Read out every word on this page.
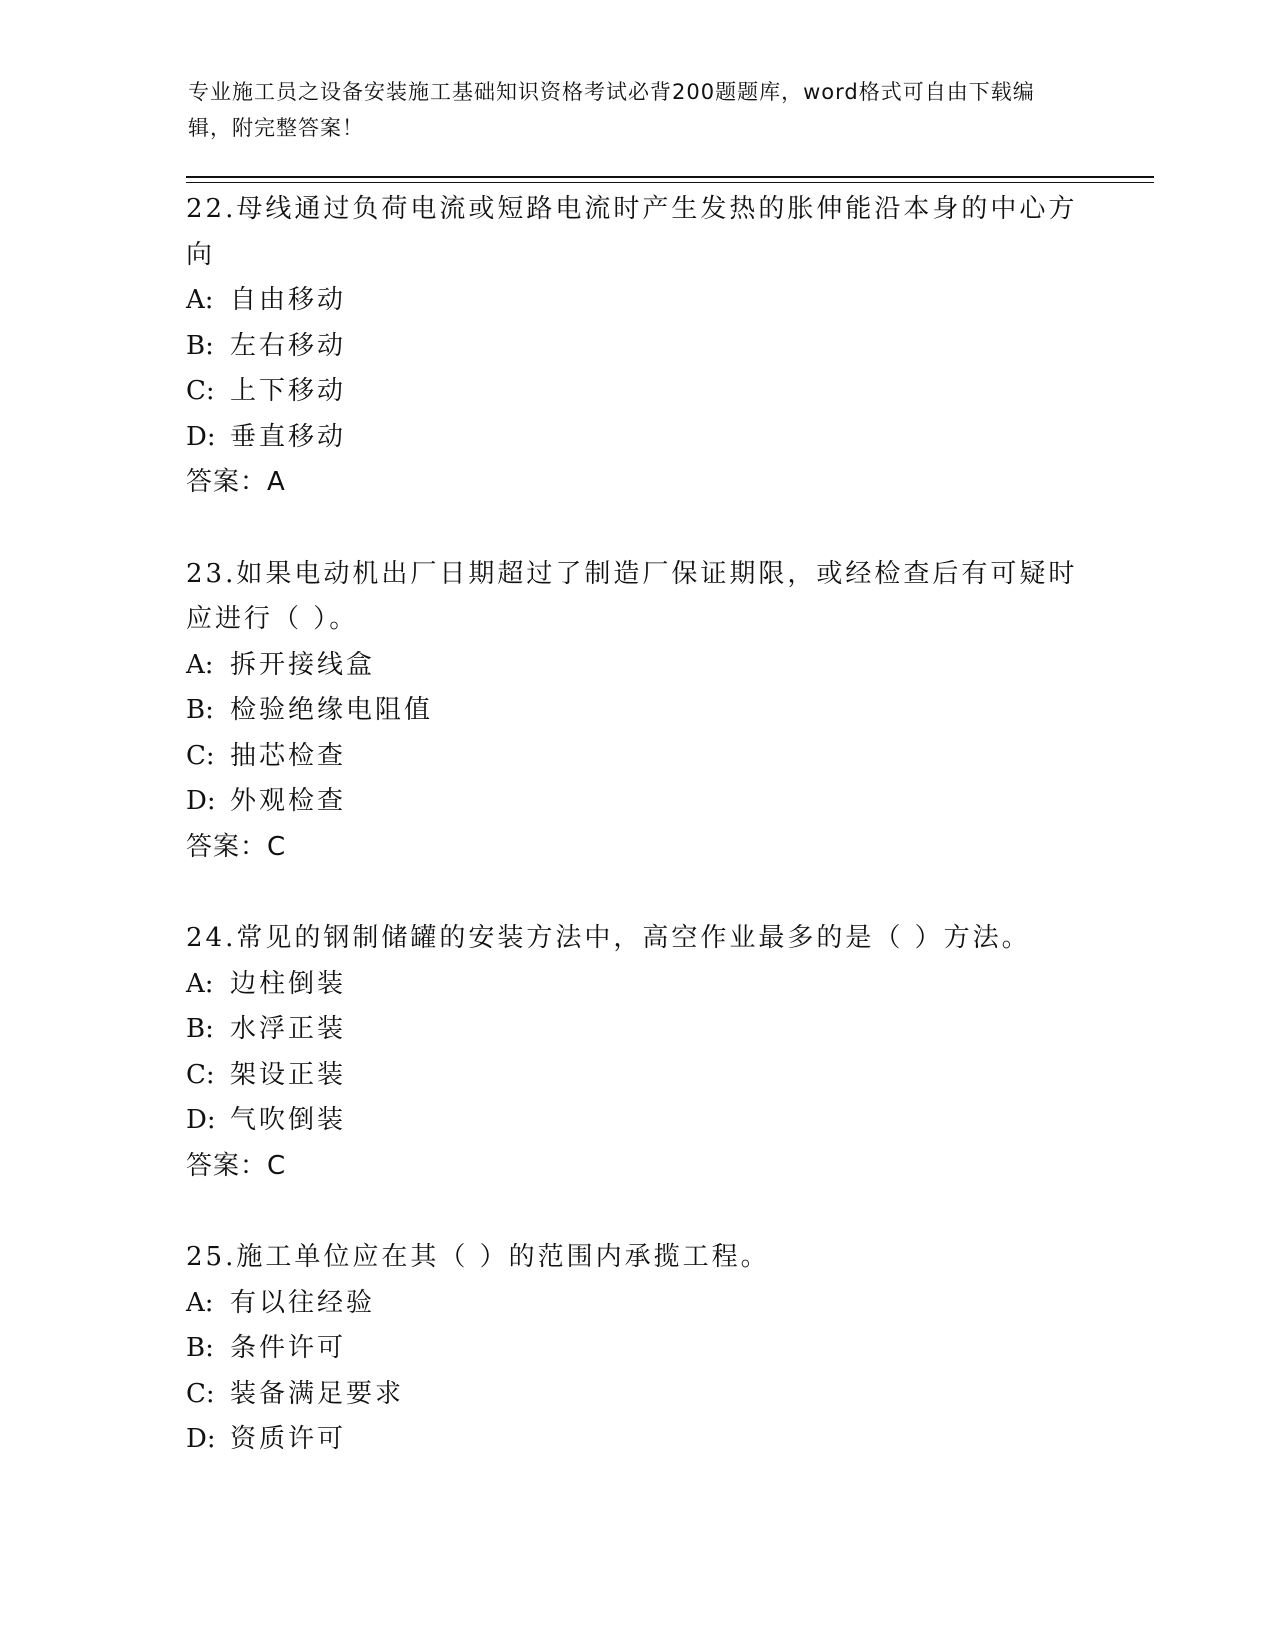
专业施工员之设备安装施工基础知识资格考试必背200题题库，word格式可自由下载编辑，附完整答案！
22.母线通过负荷电流或短路电流时产生发热的胀伸能沿本身的中心方向
A: 自由移动
B: 左右移动
C: 上下移动
D: 垂直移动
答案：A
23.如果电动机出厂日期超过了制造厂保证期限，或经检查后有可疑时应进行（ ）。
A: 拆开接线盒
B: 检验绝缘电阻值
C: 抽芯检查
D: 外观检查
答案：C
24.常见的钢制储罐的安装方法中，高空作业最多的是（ ）方法。
A: 边柱倒装
B: 水浮正装
C: 架设正装
D: 气吹倒装
答案：C
25.施工单位应在其（ ）的范围内承揽工程。
A: 有以往经验
B: 条件许可
C: 装备满足要求
D: 资质许可
